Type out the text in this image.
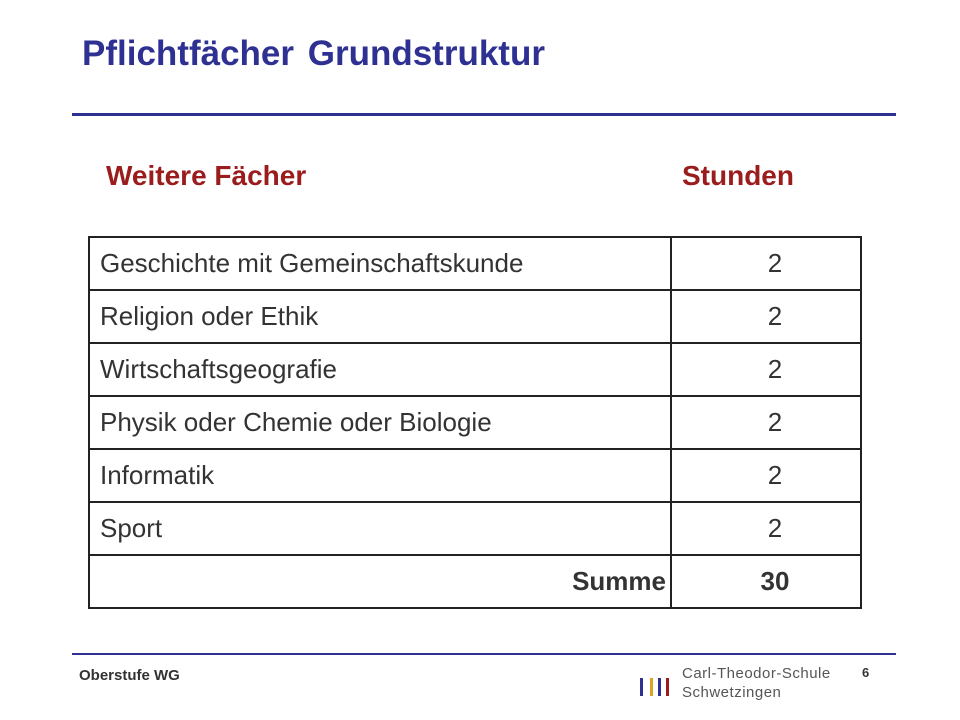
Pflichtfächer Grundstruktur
Weitere Fächer	Stunden
Geschichte mit Gemeinschaftskunde	2
Religion oder Ethik	2
Wirtschaftsgeografie	2
Physik oder Chemie oder Biologie	2
Informatik	2
Sport	2
Summe	30
Oberstufe WG	6
Carl-Theodor-Schule
Schwetzingen
